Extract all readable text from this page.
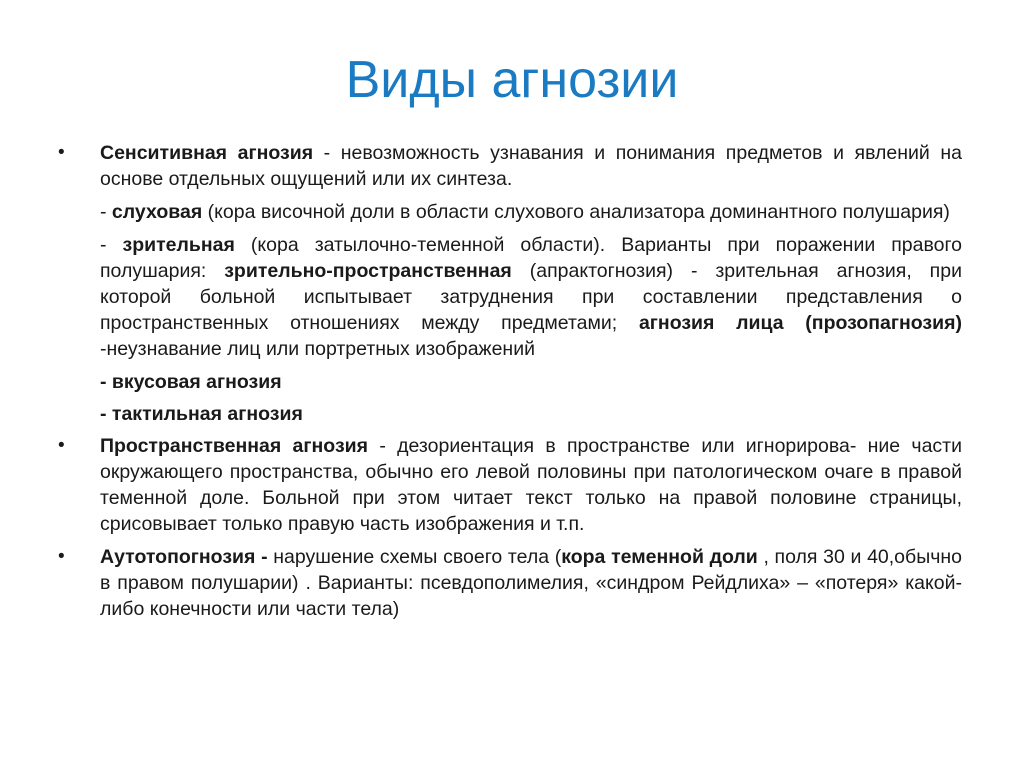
Виды агнозии

•	Сенситивная агнозия - невозможность узнавания и понимания предметов и явлений на основе отдельных ощущений или их синтеза.

- слуховая (кора височной доли в области слухового анализатора доминантного полушария)

- зрительная (кора затылочно-теменной области). Варианты при поражении правого полушария: зрительно-пространственная (апрактогнозия) - зрительная агнозия, при которой больной испытывает затруднения при составлении представления о пространственных отношениях между предметами; агнозия лица (прозопагнозия) -неузнавание лиц или портретных изображений

- вкусовая агнозия

- тактильная агнозия

•	Пространственная агнозия - дезориентация в пространстве или игнорирова- ние части окружающего пространства, обычно его левой половины при патологическом очаге в правой теменной доле. Больной при этом читает текст только на правой половине страницы, срисовывает только правую часть изображения и т.п.

•	Аутотопогнозия - нарушение схемы своего тела (кора теменной доли , поля 30 и 40,обычно в правом полушарии) . Варианты: псевдополимелия, «синдром Рейдлиха» – «потеря» какой-либо конечности или части тела)
